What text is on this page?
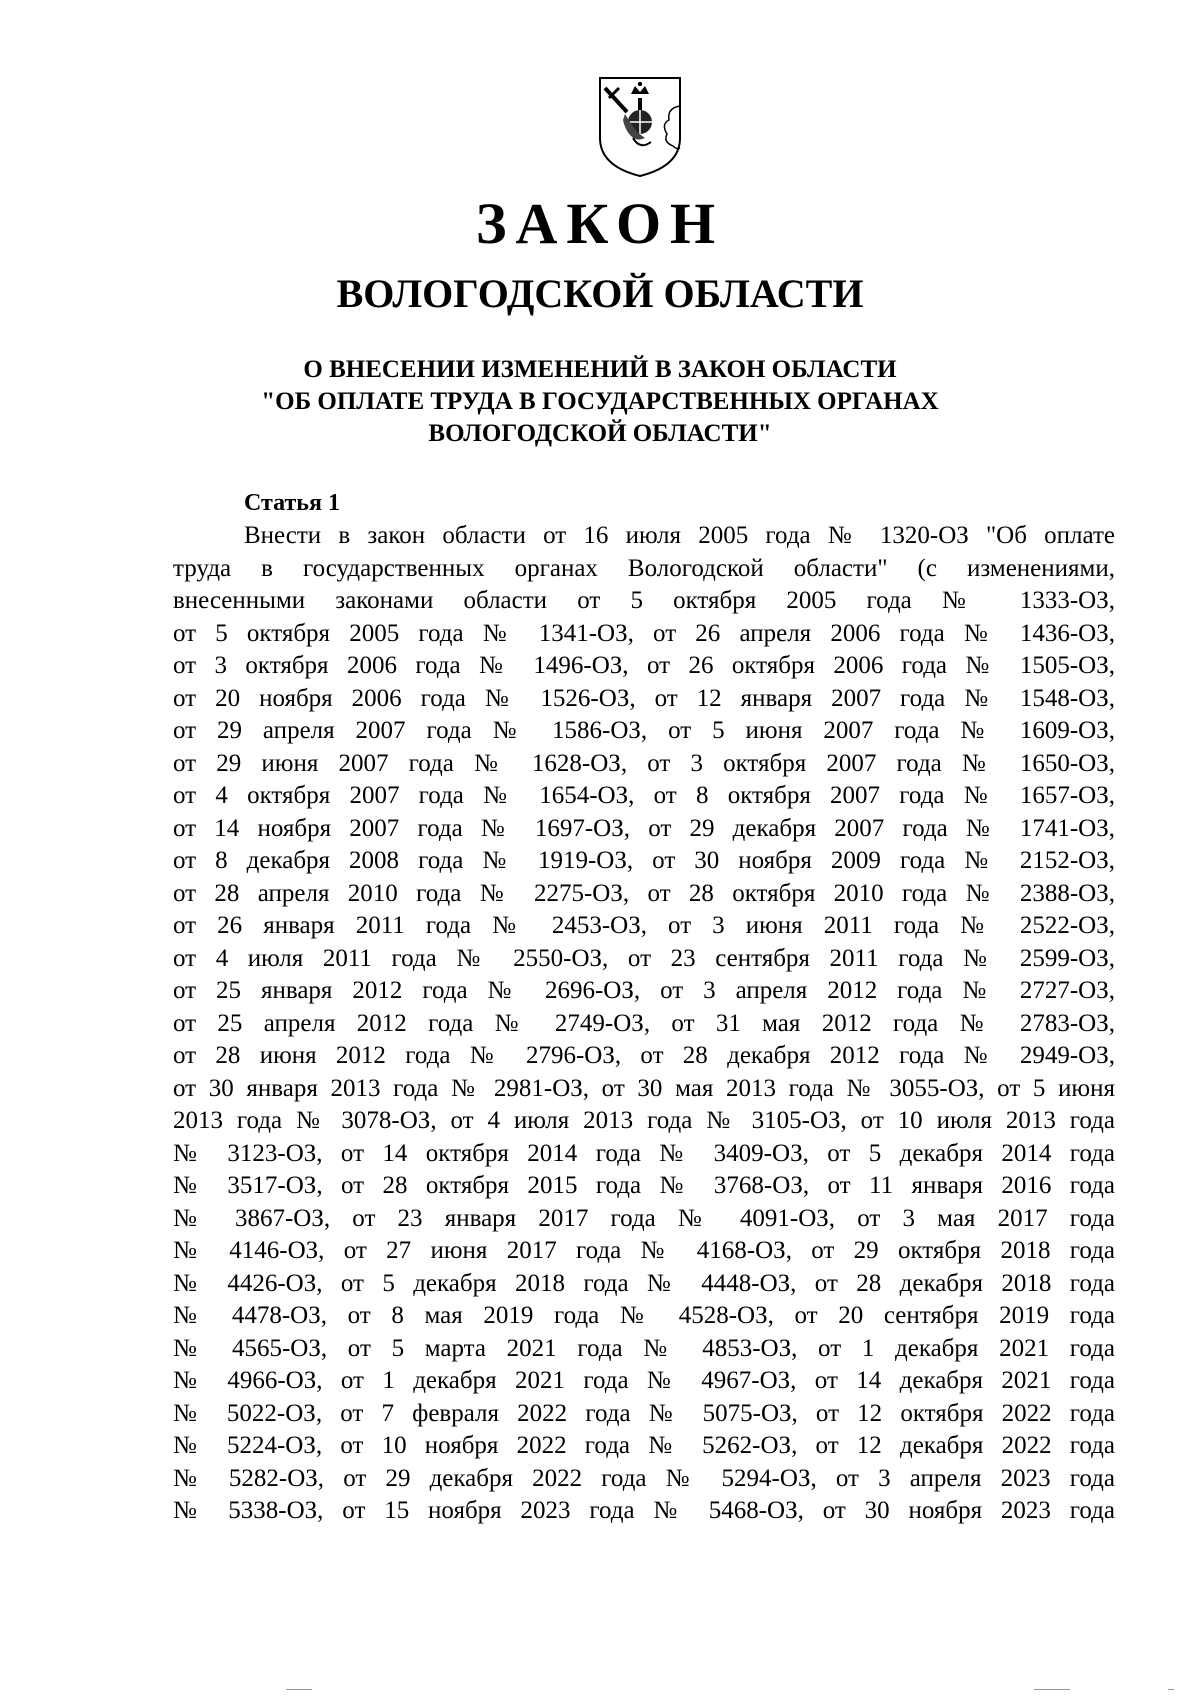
ЗАКОН
ВОЛОГОДСКОЙ ОБЛАСТИ
О ВНЕСЕНИИ ИЗМЕНЕНИЙ В ЗАКОН ОБЛАСТИ
"ОБ ОПЛАТЕ ТРУДА В ГОСУДАРСТВЕННЫХ ОРГАНАХ
ВОЛОГОДСКОЙ ОБЛАСТИ"
Статья 1
Внести в закон области от 16 июля 2005 года № 1320-ОЗ "Об оплате
труда в государственных органах Вологодской области" (с изменениями,
внесенными законами области от 5 октября 2005 года № 1333-ОЗ,
от 5 октября 2005 года № 1341-ОЗ, от 26 апреля 2006 года № 1436-ОЗ,
от 3 октября 2006 года № 1496-ОЗ, от 26 октября 2006 года № 1505-ОЗ,
от 20 ноября 2006 года № 1526-ОЗ, от 12 января 2007 года № 1548-ОЗ,
от 29 апреля 2007 года № 1586-ОЗ, от 5 июня 2007 года № 1609-ОЗ,
от 29 июня 2007 года № 1628-ОЗ, от 3 октября 2007 года № 1650-ОЗ,
от 4 октября 2007 года № 1654-ОЗ, от 8 октября 2007 года № 1657-ОЗ,
от 14 ноября 2007 года № 1697-ОЗ, от 29 декабря 2007 года № 1741-ОЗ,
от 8 декабря 2008 года № 1919-ОЗ, от 30 ноября 2009 года № 2152-ОЗ,
от 28 апреля 2010 года № 2275-ОЗ, от 28 октября 2010 года № 2388-ОЗ,
от 26 января 2011 года № 2453-ОЗ, от 3 июня 2011 года № 2522-ОЗ,
от 4 июля 2011 года № 2550-ОЗ, от 23 сентября 2011 года № 2599-ОЗ,
от 25 января 2012 года № 2696-ОЗ, от 3 апреля 2012 года № 2727-ОЗ,
от 25 апреля 2012 года № 2749-ОЗ, от 31 мая 2012 года № 2783-ОЗ,
от 28 июня 2012 года № 2796-ОЗ, от 28 декабря 2012 года № 2949-ОЗ,
от 30 января 2013 года № 2981-ОЗ, от 30 мая 2013 года № 3055-ОЗ, от 5 июня
2013 года № 3078-ОЗ, от 4 июля 2013 года № 3105-ОЗ, от 10 июля 2013 года
№ 3123-ОЗ, от 14 октября 2014 года № 3409-ОЗ, от 5 декабря 2014 года
№ 3517-ОЗ, от 28 октября 2015 года № 3768-ОЗ, от 11 января 2016 года
№ 3867-ОЗ, от 23 января 2017 года № 4091-ОЗ, от 3 мая 2017 года
№ 4146-ОЗ, от 27 июня 2017 года № 4168-ОЗ, от 29 октября 2018 года
№ 4426-ОЗ, от 5 декабря 2018 года № 4448-ОЗ, от 28 декабря 2018 года
№ 4478-ОЗ, от 8 мая 2019 года № 4528-ОЗ, от 20 сентября 2019 года
№ 4565-ОЗ, от 5 марта 2021 года № 4853-ОЗ, от 1 декабря 2021 года
№ 4966-ОЗ, от 1 декабря 2021 года № 4967-ОЗ, от 14 декабря 2021 года
№ 5022-ОЗ, от 7 февраля 2022 года № 5075-ОЗ, от 12 октября 2022 года
№ 5224-ОЗ, от 10 ноября 2022 года № 5262-ОЗ, от 12 декабря 2022 года
№ 5282-ОЗ, от 29 декабря 2022 года № 5294-ОЗ, от 3 апреля 2023 года
№ 5338-ОЗ, от 15 ноября 2023 года № 5468-ОЗ, от 30 ноября 2023 года
